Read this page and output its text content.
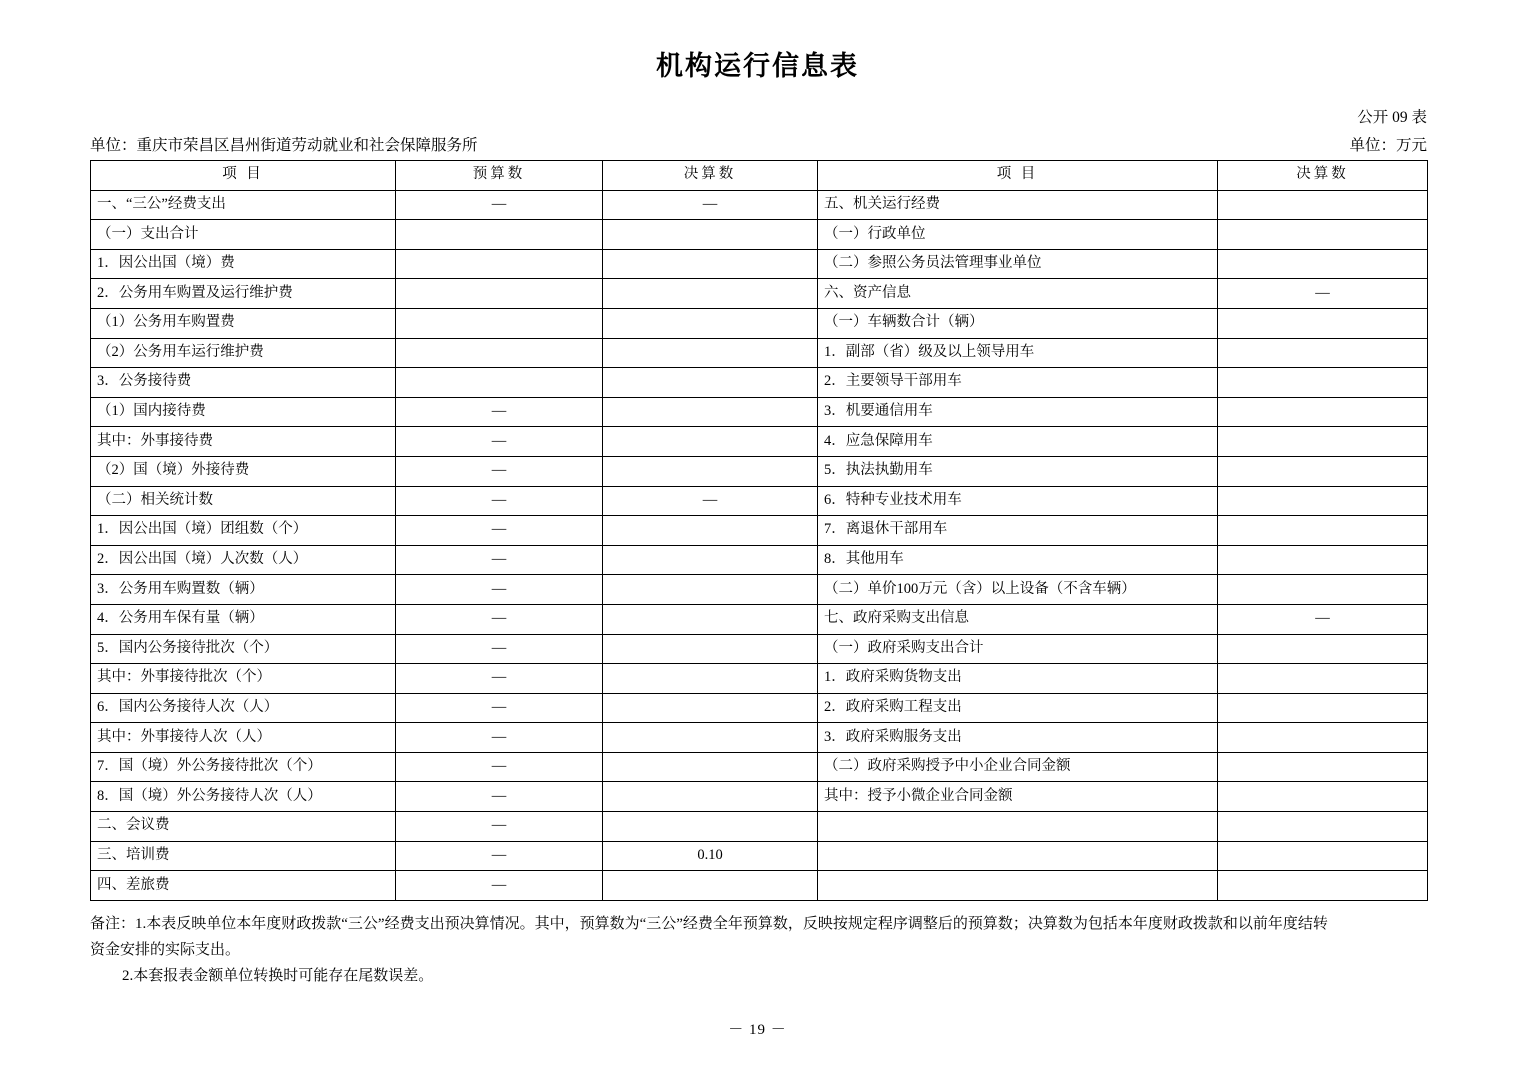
机构运行信息表
公开 09 表
单位：重庆市荣昌区昌州街道劳动就业和社会保障服务所	单位：万元
项 目	预算数	决算数	项 目	决算数
一、“三公”经费支出	—	—	五、机关运行经费	
（一）支出合计			（一）行政单位	
1．因公出国（境）费			（二）参照公务员法管理事业单位	
2．公务用车购置及运行维护费			六、资产信息	—
（1）公务用车购置费			（一）车辆数合计（辆）	
（2）公务用车运行维护费			1．副部（省）级及以上领导用车	
3．公务接待费			2．主要领导干部用车	
（1）国内接待费	—		3．机要通信用车	
其中：外事接待费	—		4．应急保障用车	
（2）国（境）外接待费	—		5．执法执勤用车	
（二）相关统计数	—	—	6．特种专业技术用车	
1．因公出国（境）团组数（个）	—		7．离退休干部用车	
2．因公出国（境）人次数（人）	—		8．其他用车	
3．公务用车购置数（辆）	—		（二）单价100万元（含）以上设备（不含车辆）	
4．公务用车保有量（辆）	—		七、政府采购支出信息	—
5．国内公务接待批次（个）	—		（一）政府采购支出合计	
其中：外事接待批次（个）	—		1．政府采购货物支出	
6．国内公务接待人次（人）	—		2．政府采购工程支出	
其中：外事接待人次（人）	—		3．政府采购服务支出	
7．国（境）外公务接待批次（个）	—		（二）政府采购授予中小企业合同金额	
8．国（境）外公务接待人次（人）	—		其中：授予小微企业合同金额	
二、会议费	—			
三、培训费	—	0.10		
四、差旅费	—			

备注：1.本表反映单位本年度财政拨款“三公”经费支出预决算情况。其中，预算数为“三公”经费全年预算数，反映按规定程序调整后的预算数；决算数为包括本年度财政拨款和以前年度结转

资金安排的实际支出。

2.本套报表金额单位转换时可能存在尾数误差。

－ 19 －
